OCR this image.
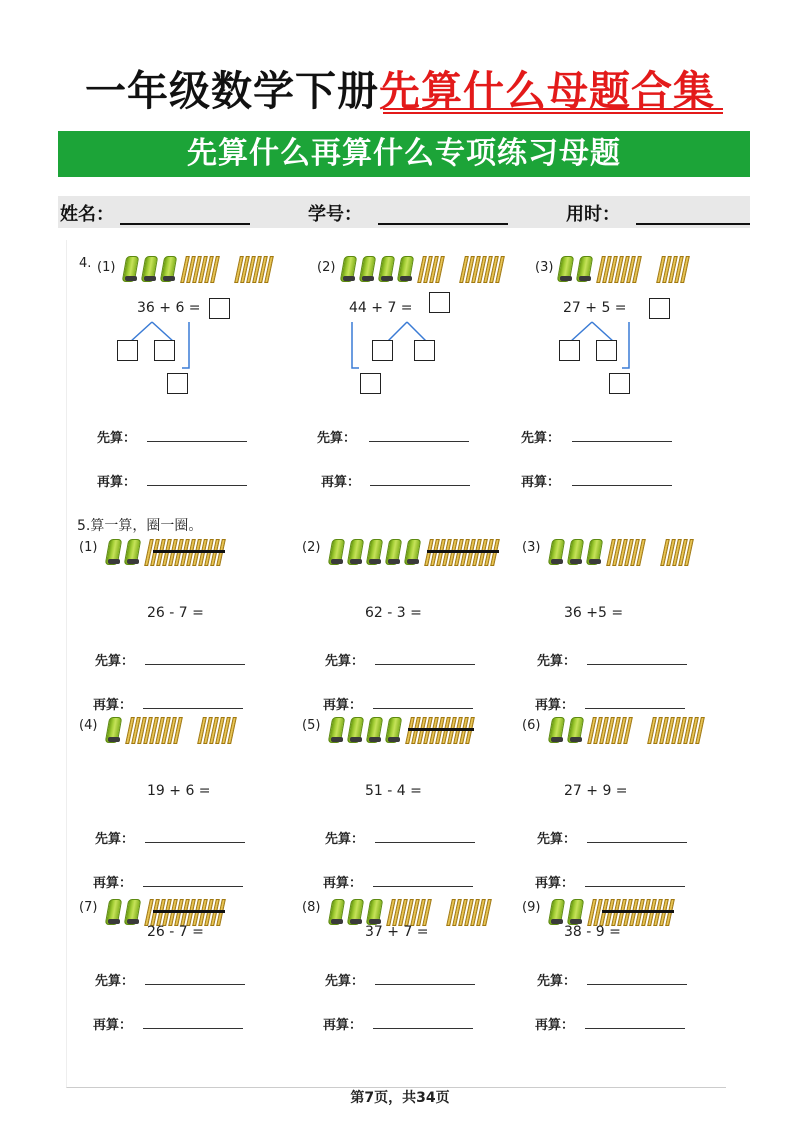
一年级数学下册先算什么母题合集
先算什么再算什么专项练习母题
姓名：	学号：	用时：
4. (1)
36 + 6 =
先算：
再算：
(2)
44 + 7 =
先算：
再算：
(3)
27 + 5 =
先算：
再算：
5.算一算，圈一圈。
(1)
26 - 7 =
先算：
再算：
(2)
62 - 3 =
先算：
再算：
(3)
36 +5 =
先算：
再算：
(4)
19 + 6 =
先算：
再算：
(5)
51 - 4 =
先算：
再算：
(6)
27 + 9 =
先算：
再算：
(7)
26 - 7 =
先算：
再算：
(8)
37 + 7 =
先算：
再算：
(9)
38 - 9 =
先算：
再算：
第7页，共34页
